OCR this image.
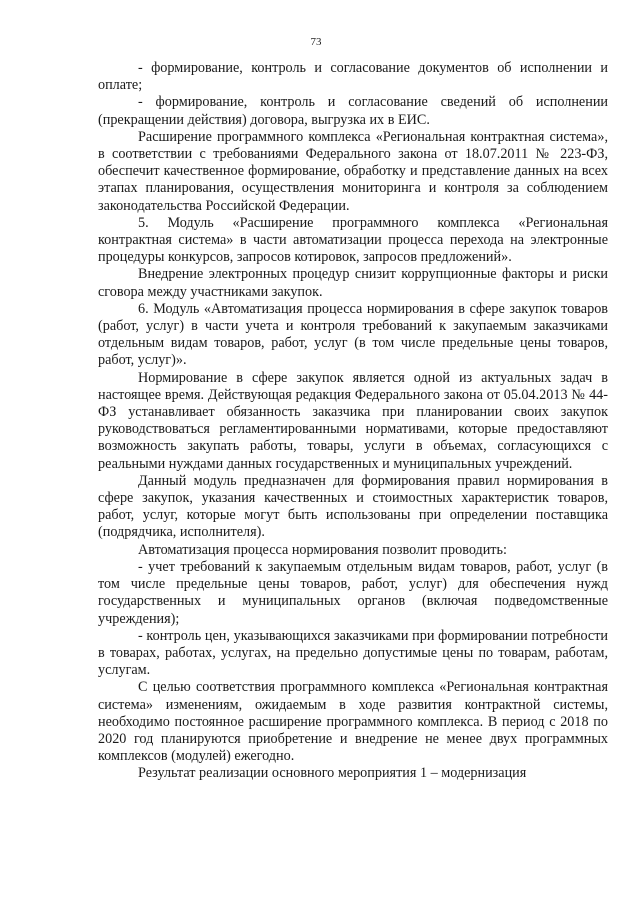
73

- формирование, контроль и согласование документов об исполнении и оплате;

- формирование, контроль и согласование сведений об исполнении (прекращении действия) договора, выгрузка их в ЕИС.

Расширение программного комплекса «Региональная контрактная система», в соответствии с требованиями Федерального закона от 18.07.2011 № 223-ФЗ, обеспечит качественное формирование, обработку и представление данных на всех этапах планирования, осуществления мониторинга и контроля за соблюдением законодательства Российской Федерации.

5. Модуль «Расширение программного комплекса «Региональная контрактная система» в части автоматизации процесса перехода на электронные процедуры конкурсов, запросов котировок, запросов предложений».

Внедрение электронных процедур снизит коррупционные факторы и риски сговора между участниками закупок.

6. Модуль «Автоматизация процесса нормирования в сфере закупок товаров (работ, услуг) в части учета и контроля требований к закупаемым заказчиками отдельным видам товаров, работ, услуг (в том числе предельные цены товаров, работ, услуг)».

Нормирование в сфере закупок является одной из актуальных задач в настоящее время. Действующая редакция Федерального закона от 05.04.2013 № 44-ФЗ устанавливает обязанность заказчика при планировании своих закупок руководствоваться регламентированными нормативами, которые предоставляют возможность закупать работы, товары, услуги в объемах, согласующихся с реальными нуждами данных государственных и муниципальных учреждений.

Данный модуль предназначен для формирования правил нормирования в сфере закупок, указания качественных и стоимостных характеристик товаров, работ, услуг, которые могут быть использованы при определении поставщика (подрядчика, исполнителя).

Автоматизация процесса нормирования позволит проводить:

- учет требований к закупаемым отдельным видам товаров, работ, услуг (в том числе предельные цены товаров, работ, услуг) для обеспечения нужд государственных и муниципальных органов (включая подведомственные учреждения);

- контроль цен, указывающихся заказчиками при формировании потребности в товарах, работах, услугах, на предельно допустимые цены по товарам, работам, услугам.

С целью соответствия программного комплекса «Региональная контрактная система» изменениям, ожидаемым в ходе развития контрактной системы, необходимо постоянное расширение программного комплекса. В период с 2018 по 2020 год планируются приобретение и внедрение не менее двух программных комплексов (модулей) ежегодно.

Результат реализации основного мероприятия 1 – модернизация
